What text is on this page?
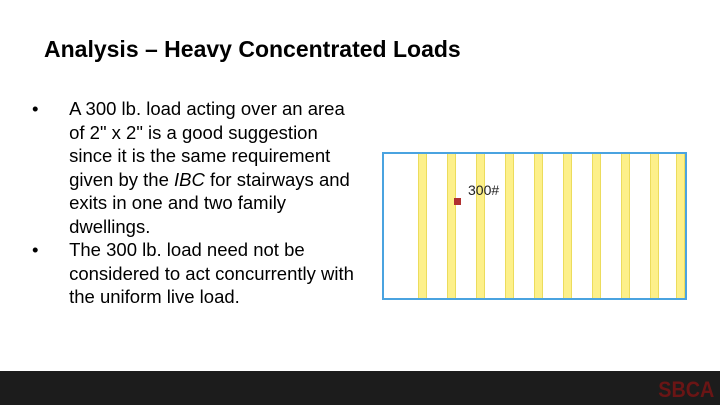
Analysis – Heavy Concentrated Loads
•	A 300 lb. load acting over an area of 2" x 2" is a good suggestion since it is the same requirement given by the IBC for stairways and exits in one and two family dwellings.
•	The 300 lb. load need not be considered to act concurrently with the uniform live load.
300#
SBCA
